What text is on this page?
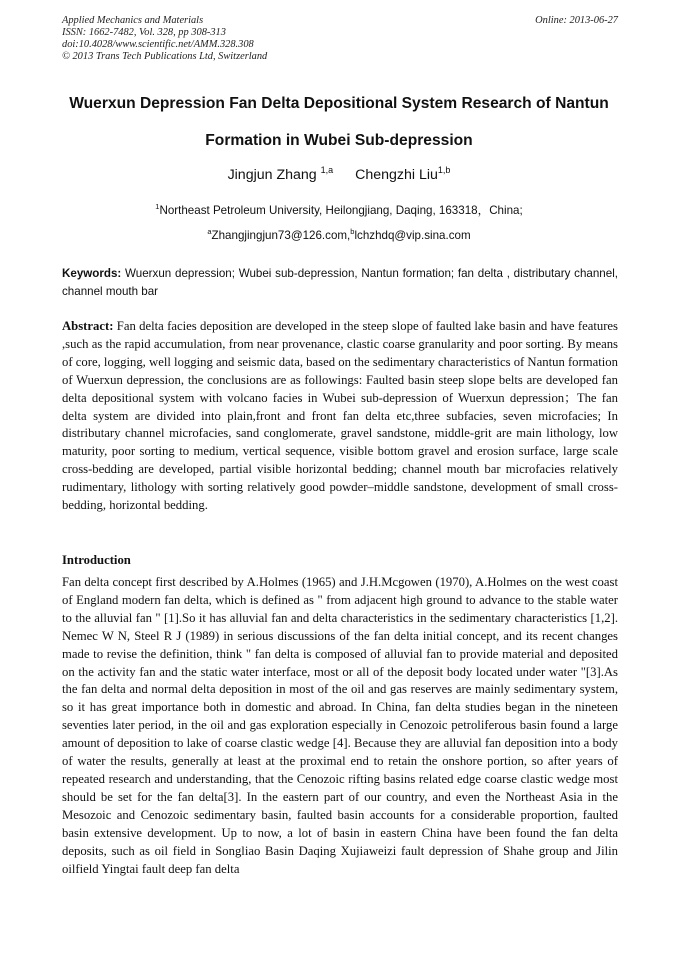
Applied Mechanics and Materials
ISSN: 1662-7482, Vol. 328, pp 308-313
doi:10.4028/www.scientific.net/AMM.328.308
© 2013 Trans Tech Publications Ltd, Switzerland
Online: 2013-06-27
Wuerxun Depression Fan Delta Depositional System Research of Nantun
Formation in Wubei Sub-depression
Jingjun Zhang $^{1,a}$ Chengzhi Liu$^{1,b}$
$^1$Northeast Petroleum University, Heilongjiang, Daqing, 163318，China;
$^a$Zhangjingjun73@126.com,$^b$lchzhdq@vip.sina.com
Keywords: Wuerxun depression; Wubei sub-depression, Nantun formation; fan delta , distributary channel, channel mouth bar
Abstract: Fan delta facies deposition are developed in the steep slope of faulted lake basin and have features ,such as the rapid accumulation, from near provenance, clastic coarse granularity and poor sorting. By means of core, logging, well logging and seismic data, based on the sedimentary characteristics of Nantun formation of Wuerxun depression, the conclusions are as followings: Faulted basin steep slope belts are developed fan delta depositional system with volcano facies in Wubei sub-depression of Wuerxun depression；The fan delta system are divided into plain,front and front fan delta etc,three subfacies, seven microfacies; In distributary channel microfacies, sand conglomerate, gravel sandstone, middle-grit are main lithology, low maturity, poor sorting to medium, vertical sequence, visible bottom gravel and erosion surface, large scale cross-bedding are developed, partial visible horizontal bedding; channel mouth bar microfacies relatively rudimentary, lithology with sorting relatively good powder–middle sandstone, development of small cross-bedding, horizontal bedding.
Introduction
Fan delta concept first described by A.Holmes (1965) and J.H.Mcgowen (1970), A.Holmes on the west coast of England modern fan delta, which is defined as " from adjacent high ground to advance to the stable water to the alluvial fan " [1].So it has alluvial fan and delta characteristics in the sedimentary characteristics [1,2]. Nemec W N, Steel R J (1989) in serious discussions of the fan delta initial concept, and its recent changes made to revise the definition, think " fan delta is composed of alluvial fan to provide material and deposited on the activity fan and the static water interface, most or all of the deposit body located under water "[3].As the fan delta and normal delta deposition in most of the oil and gas reserves are mainly sedimentary system, so it has great importance both in domestic and abroad. In China, fan delta studies began in the nineteen seventies later period, in the oil and gas exploration especially in Cenozoic petroliferous basin found a large amount of deposition to lake of coarse clastic wedge [4]. Because they are alluvial fan deposition into a body of water the results, generally at least at the proximal end to retain the onshore portion, so after years of repeated research and understanding, that the Cenozoic rifting basins related edge coarse clastic wedge most should be set for the fan delta[3]. In the eastern part of our country, and even the Northeast Asia in the Mesozoic and Cenozoic sedimentary basin, faulted basin accounts for a considerable proportion, faulted basin extensive development. Up to now, a lot of basin in eastern China have been found the fan delta deposits, such as oil field in Songliao Basin Daqing Xujiaweizi fault depression of Shahe group and Jilin oilfield Yingtai fault deep fan delta
